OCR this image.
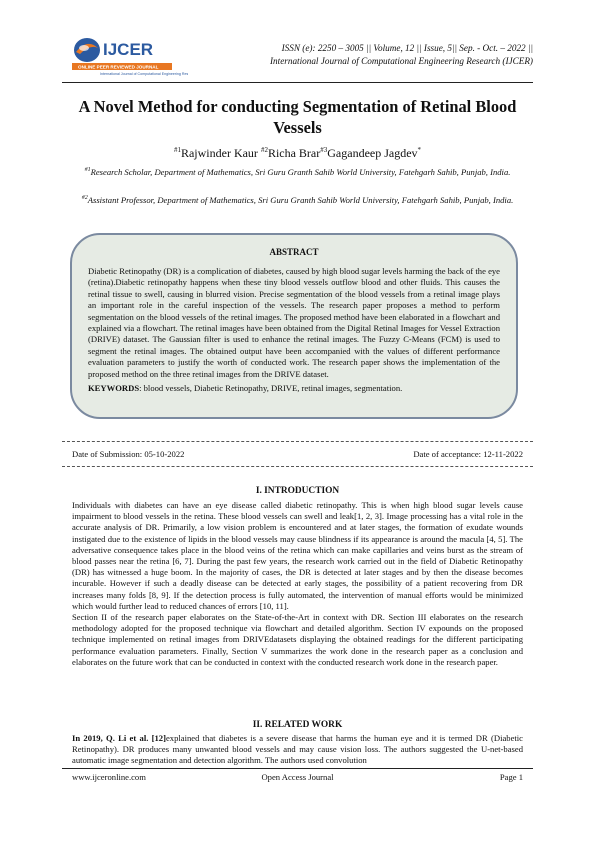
IJCER
ONLINE PEER REVIEWED JOURNAL
International Journal of Computational Engineering Research
ISSN (e): 2250 – 3005 || Volume, 12 || Issue, 5|| Sep. - Oct. – 2022 ||
International Journal of Computational Engineering Research (IJCER)
A Novel Method for conducting Segmentation of Retinal Blood Vessels
$^{\#1}$Rajwinder Kaur $^{\#2}$Richa Brar$^{\#3}$Gagandeep Jagdev*
$^{\#1}$Research Scholar, Department of Mathematics, Sri Guru Granth Sahib World University, Fatehgarh Sahib, Punjab, India.
$^{\#2}$Assistant Professor, Department of Mathematics, Sri Guru Granth Sahib World University, Fatehgarh Sahib, Punjab, India.
ABSTRACT
Diabetic Retinopathy (DR) is a complication of diabetes, caused by high blood sugar levels harming the back of the eye (retina).Diabetic retinopathy happens when these tiny blood vessels outflow blood and other fluids. This causes the retinal tissue to swell, causing in blurred vision. Precise segmentation of the blood vessels from a retinal image plays an important role in the careful inspection of the vessels. The research paper proposes a method to perform segmentation on the blood vessels of the retinal images. The proposed method have been elaborated in a flowchart and explained via a flowchart. The retinal images have been obtained from the Digital Retinal Images for Vessel Extraction (DRIVE) dataset. The Gaussian filter is used to enhance the retinal images. The Fuzzy C-Means (FCM) is used to segment the retinal images. The obtained output have been accompanied with the values of different performance evaluation parameters to justify the worth of conducted work. The research paper shows the implementation of the proposed method on the three retinal images from the DRIVE dataset.
KEYWORDS: blood vessels, Diabetic Retinopathy, DRIVE, retinal images, segmentation.
Date of Submission: 05-10-2022	Date of acceptance: 12-11-2022
I. INTRODUCTION

Individuals with diabetes can have an eye disease called diabetic retinopathy. This is when high blood sugar levels cause impairment to blood vessels in the retina. These blood vessels can swell and leak[1, 2, 3]. Image processing has a vital role in the accurate analysis of DR. Primarily, a low vision problem is encountered and at later stages, the formation of exudate wounds instigated due to the existence of lipids in the blood vessels may cause blindness if its appearance is around the macula [4, 5]. The adversative consequence takes place in the blood veins of the retina which can make capillaries and veins burst as the stream of blood passes near the retina [6, 7]. During the past few years, the research work carried out in the field of Diabetic Retinopathy (DR) has witnessed a huge boom. In the majority of cases, the DR is detected at later stages and by then the disease becomes incurable. However if such a deadly disease can be detected at early stages, the possibility of a patient recovering from DR increases many folds [8, 9]. If the detection process is fully automated, the intervention of manual efforts would be minimized which would further lead to reduced chances of errors [10, 11].

Section II of the research paper elaborates on the State-of-the-Art in context with DR. Section III elaborates on the research methodology adopted for the proposed technique via flowchart and detailed algorithm. Section IV expounds on the proposed technique implemented on retinal images from DRIVEdatasets displaying the obtained readings for the different participating performance evaluation parameters. Finally, Section V summarizes the work done in the research paper as a conclusion and elaborates on the future work that can be conducted in context with the conducted research work done in the research paper.

II. RELATED WORK

In 2019, Q. Li et al. [12]explained that diabetes is a severe disease that harms the human eye and it is termed DR (Diabetic Retinopathy). DR produces many unwanted blood vessels and may cause vision loss. The authors suggested the U-net-based automatic image segmentation and detection algorithm. The authors used convolution

www.ijceronline.com	Open Access Journal	Page 1
